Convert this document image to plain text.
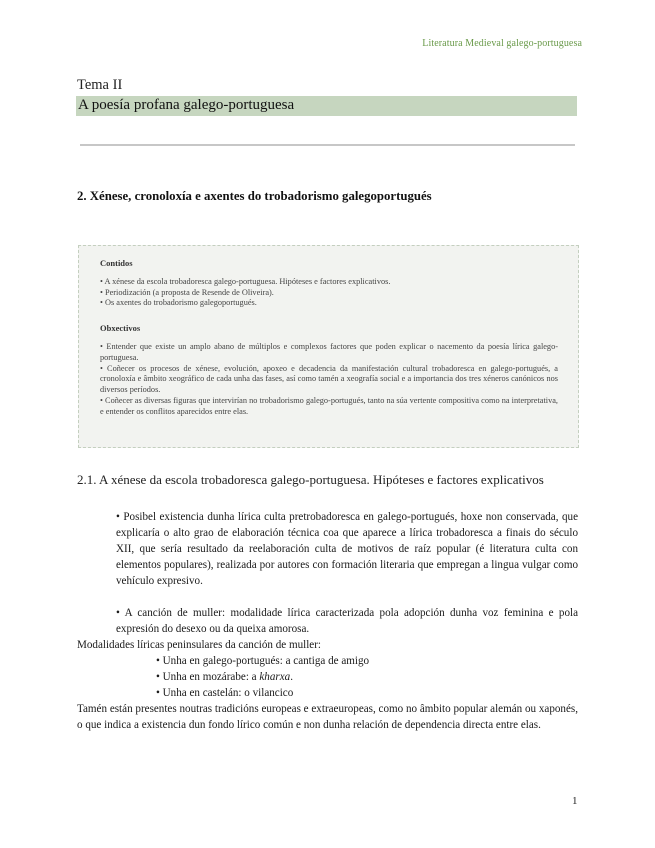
Literatura Medieval galego-portuguesa
Tema II
A poesía profana galego-portuguesa
2. Xénese, cronoloxía e axentes do trobadorismo galegoportugués
Contidos

• A xénese da escola trobadoresca galego-portuguesa. Hipóteses e factores explicativos.

• Periodización (a proposta de Resende de Oliveira).

• Os axentes do trobadorismo galegoportugués.

Obxectivos

• Entender que existe un amplo abano de múltiplos e complexos factores que poden explicar o nacemento da poesía lírica galego-portuguesa.

• Coñecer os procesos de xénese, evolución, apoxeo e decadencia da manifestación cultural trobadoresca en galego-portugués, a cronoloxía e âmbito xeográfico de cada unha das fases, así como tamén a xeografía social e a importancia dos tres xéneros canónicos nos diversos períodos.

• Coñecer as diversas figuras que intervirían no trobadorismo galego-portugués, tanto na súa vertente compositiva como na interpretativa, e entender os conflitos aparecidos entre elas.

2.1. A xénese da escola trobadoresca galego-portuguesa. Hipóteses e factores explicativos

• Posibel existencia dunha lírica culta pretrobadoresca en galego-portugués, hoxe non conservada, que explicaría o alto grao de elaboración técnica coa que aparece a lírica trobadoresca a finais do século XII, que sería resultado da reelaboración culta de motivos de raíz popular (é literatura culta con elementos populares), realizada por autores con formación literaria que empregan a lingua vulgar como vehículo expresivo.

• A canción de muller: modalidade lírica caracterizada pola adopción dunha voz feminina e pola expresión do desexo ou da queixa amorosa.

Modalidades líricas peninsulares da canción de muller:

• Unha en galego-portugués: a cantiga de amigo

• Unha en mozárabe: a kharxa.

• Unha en castelán: o vilancico

Tamén están presentes noutras tradicións europeas e extraeuropeas, como no âmbito popular alemán ou xaponés, o que indica a existencia dun fondo lírico común e non dunha relación de dependencia directa entre elas.

1
